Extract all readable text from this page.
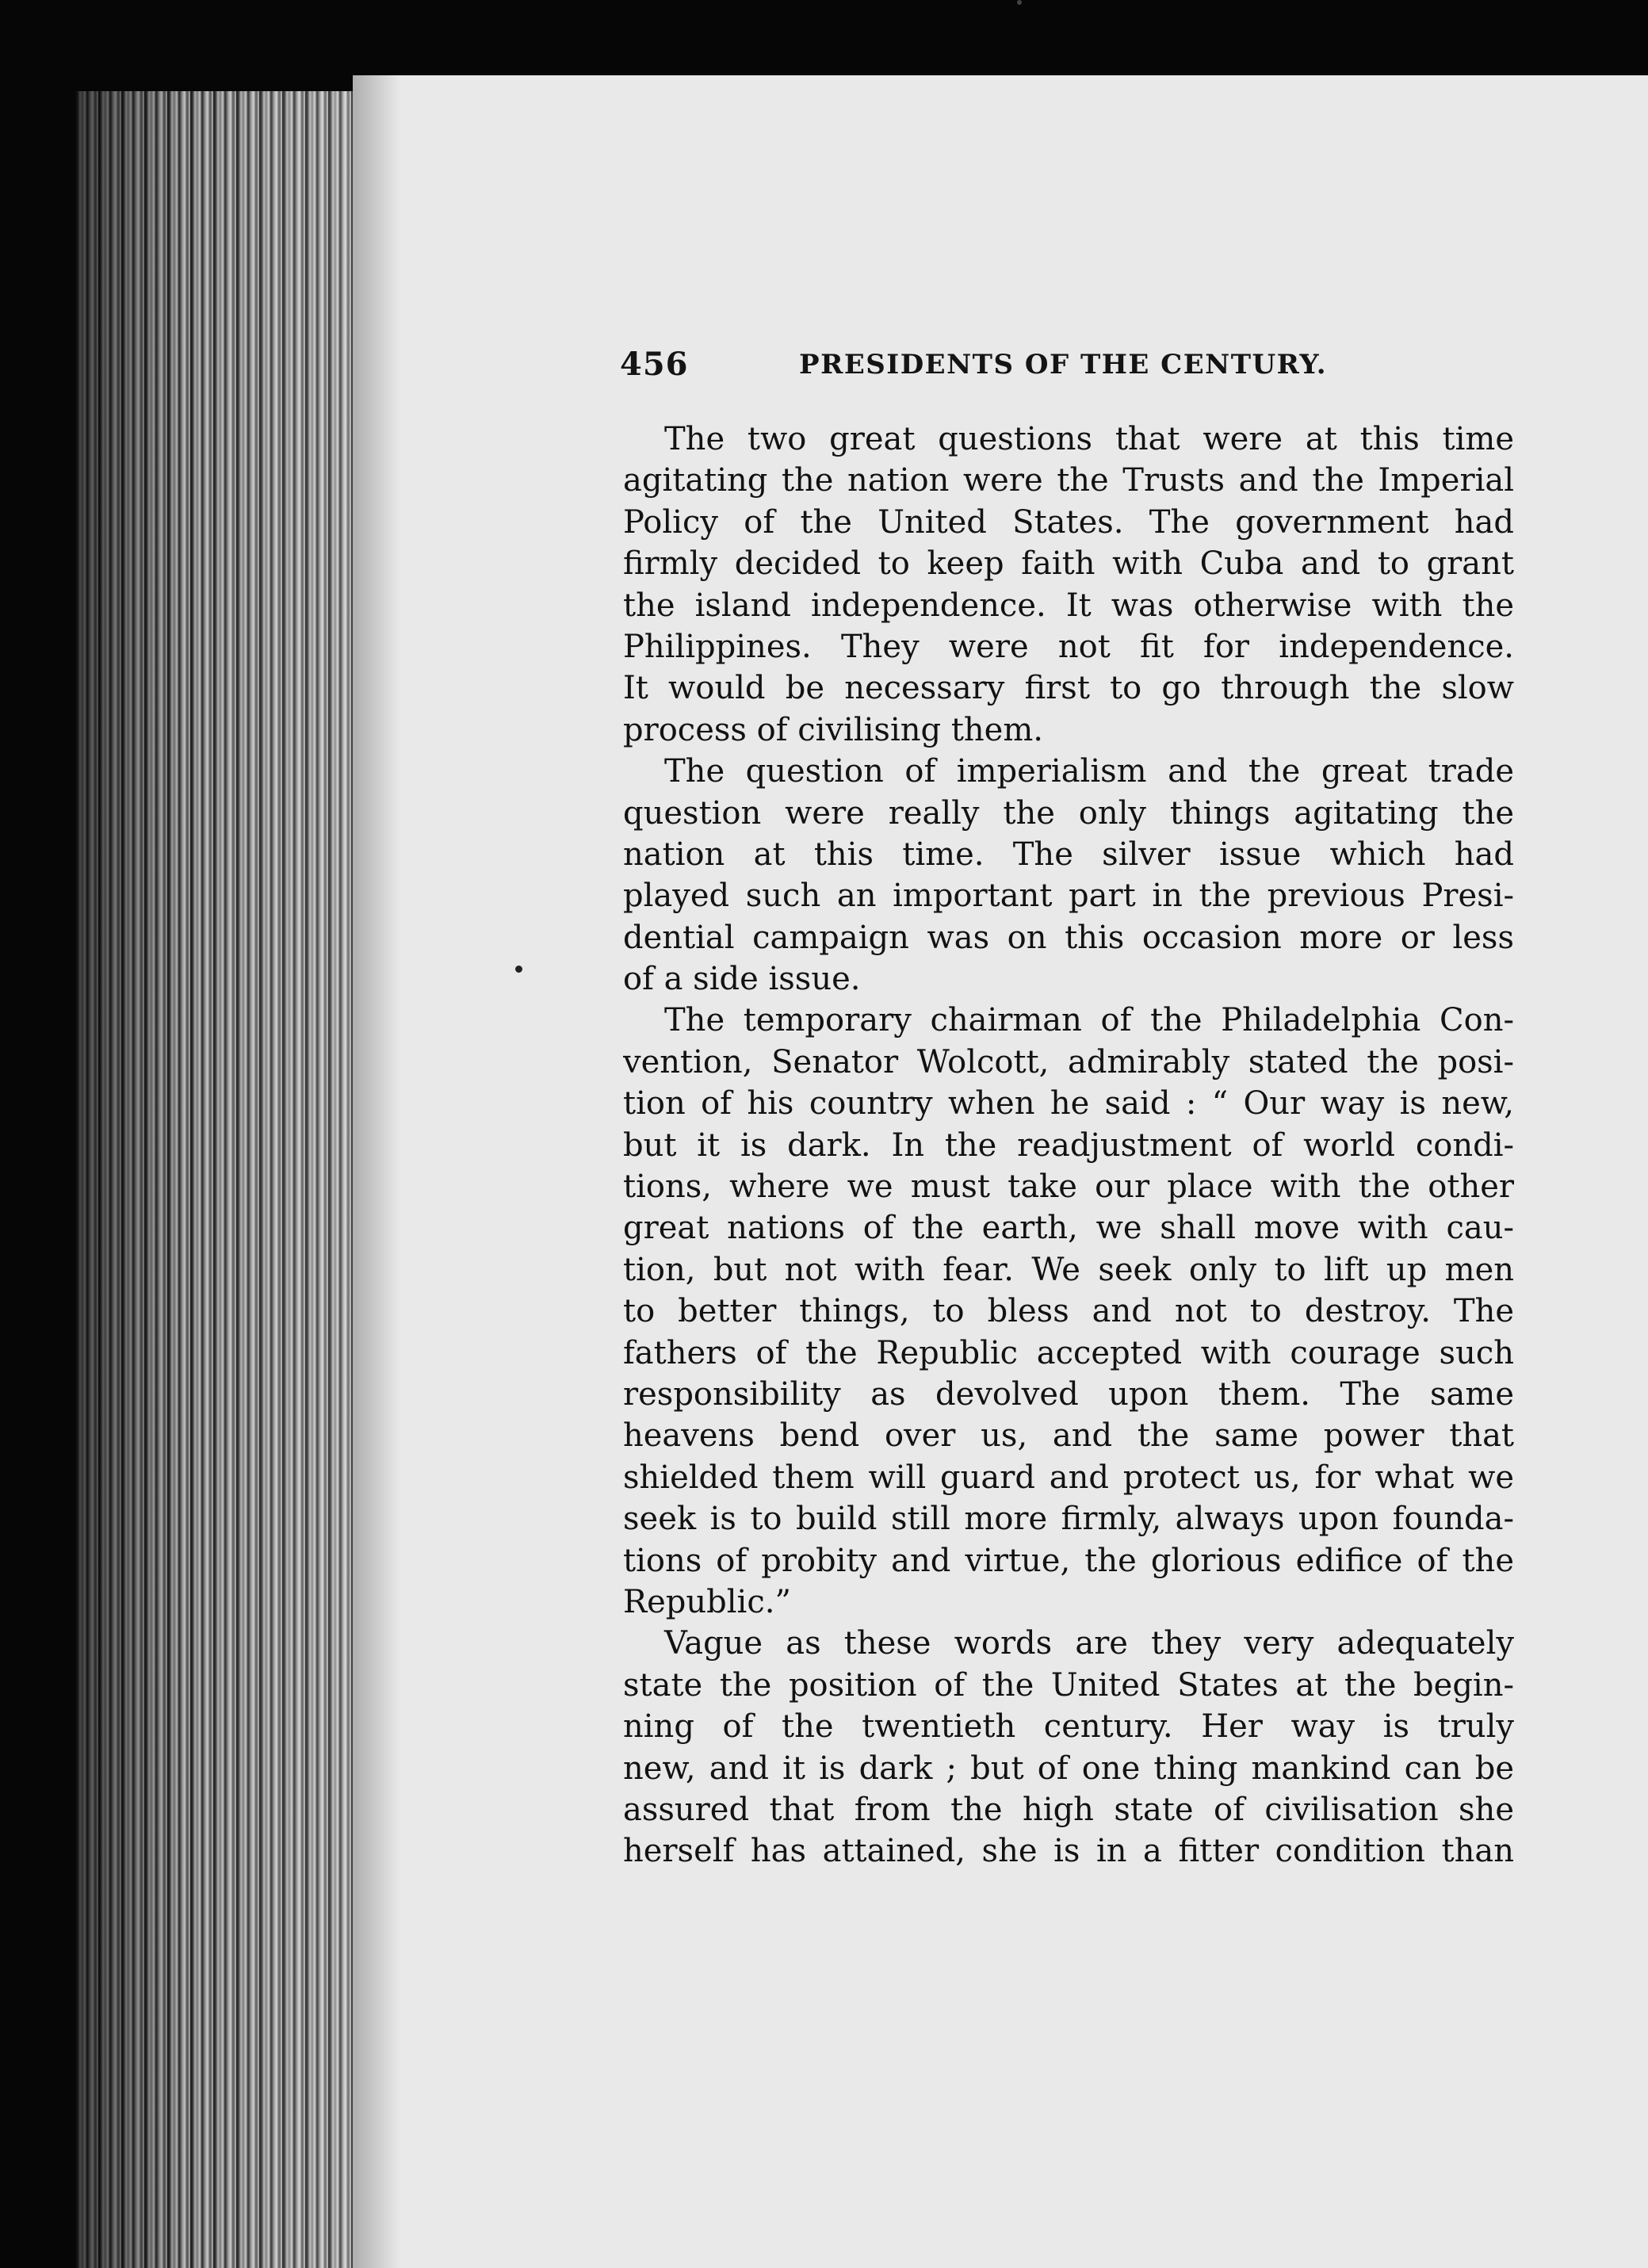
456	PRESIDENTS OF THE CENTURY.
The two great questions that were at this time
agitating the nation were the Trusts and the Imperial
Policy of the United States. The government had
firmly decided to keep faith with Cuba and to grant
the island independence. It was otherwise with the
Philippines. They were not fit for independence.
It would be necessary first to go through the slow
process of civilising them.
The question of imperialism and the great trade
question were really the only things agitating the
nation at this time. The silver issue which had
played such an important part in the previous Presi-
dential campaign was on this occasion more or less
of a side issue.
The temporary chairman of the Philadelphia Con-
vention, Senator Wolcott, admirably stated the posi-
tion of his country when he said : “ Our way is new,
but it is dark. In the readjustment of world condi-
tions, where we must take our place with the other
great nations of the earth, we shall move with cau-
tion, but not with fear. We seek only to lift up men
to better things, to bless and not to destroy. The
fathers of the Republic accepted with courage such
responsibility as devolved upon them. The same
heavens bend over us, and the same power that
shielded them will guard and protect us, for what we
seek is to build still more firmly, always upon founda-
tions of probity and virtue, the glorious edifice of the
Republic.”
Vague as these words are they very adequately
state the position of the United States at the begin-
ning of the twentieth century. Her way is truly
new, and it is dark ; but of one thing mankind can be
assured that from the high state of civilisation she
herself has attained, she is in a fitter condition than
